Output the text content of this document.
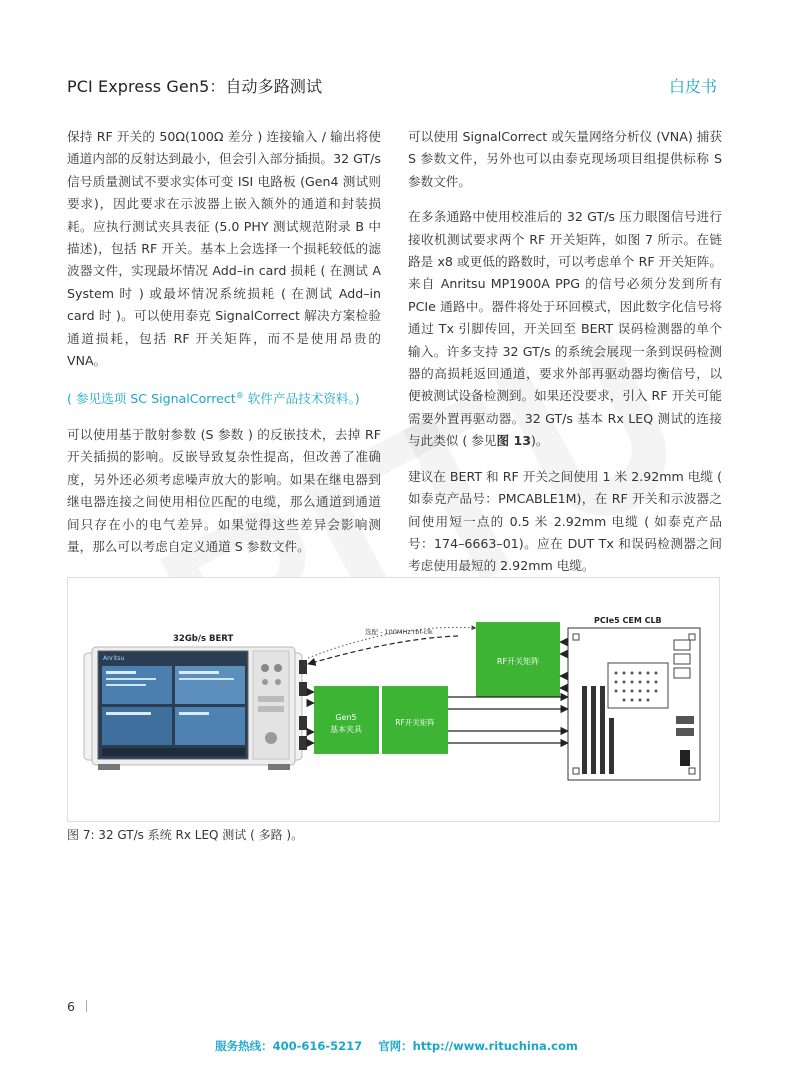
PCI Express Gen5：自动多路测试	白皮书

保持 RF 开关的 50Ω(100Ω 差分 ) 连接输入 / 输出将使通道内部的反射达到最小，但会引入部分插损。32 GT/s 信号质量测试不要求实体可变 ISI 电路板 (Gen4 测试则要求)，因此要求在示波器上嵌入额外的通道和封装损耗。应执行测试夹具表征 (5.0 PHY 测试规范附录 B 中描述)，包括 RF 开关。基本上会选择一个损耗较低的滤波器文件，实现最坏情况 Add–in card 损耗 ( 在测试 A System 时 ) 或最坏情况系统损耗 ( 在测试 Add–in card 时 )。可以使用泰克 SignalCorrect 解决方案检验通道损耗，包括 RF 开关矩阵，而不是使用昂贵的 VNA。

( 参见选项 SC SignalCorrect® 软件产品技术资料。)

可以使用基于散射参数 (S 参数 ) 的反嵌技术，去掉 RF 开关插损的影响。反嵌导致复杂性提高，但改善了准确度，另外还必须考虑噪声放大的影响。如果在继电器到继电器连接之间使用相位匹配的电缆，那么通道到通道间只存在小的电气差异。如果觉得这些差异会影响测量，那么可以考虑自定义通道 S 参数文件。

可以使用 SignalCorrect 或矢量网络分析仪 (VNA) 捕获 S 参数文件，另外也可以由泰克现场项目组提供标称 S 参数文件。

在多条通路中使用校准后的 32 GT/s 压力眼图信号进行接收机测试要求两个 RF 开关矩阵，如图 7 所示。在链路是 x8 或更低的路数时，可以考虑单个 RF 开关矩阵。来自 Anritsu MP1900A PPG 的信号必须分发到所有 PCIe 通路中。器件将处于环回模式，因此数字化信号将通过 Tx 引脚传回，开关回至 BERT 误码检测器的单个输入。许多支持 32 GT/s 的系统会展现一条到误码检测器的高损耗返回通道，要求外部再驱动器均衡信号，以便被测试设备检测到。如果还没要求，引入 RF 开关可能需要外置再驱动器。32 GT/s 基本 Rx LEQ 测试的连接与此类似 ( 参见图 13)。

建议在 BERT 和 RF 开关之间使用 1 米 2.92mm 电缆 ( 如泰克产品号：PMCABLE1M)，在 RF 开关和示波器之间使用短一点的 0.5 米 2.92mm 电缆 ( 如泰克产品号：174–6663–01)。应在 DUT Tx 和误码检测器之间考虑使用最短的 2.92mm 电缆。

32Gb/s BERT
Anritsu
选配 - 100MHz'rbf-clk
RF开关矩阵
Gen5
基本夹具
RF开关矩阵
PCIe5 CEM CLB
图 7: 32 GT/s 系统 Rx LEQ 测试 ( 多路 )。
6
服务热线：400-616-5217 官网：http://www.rituchina.com
